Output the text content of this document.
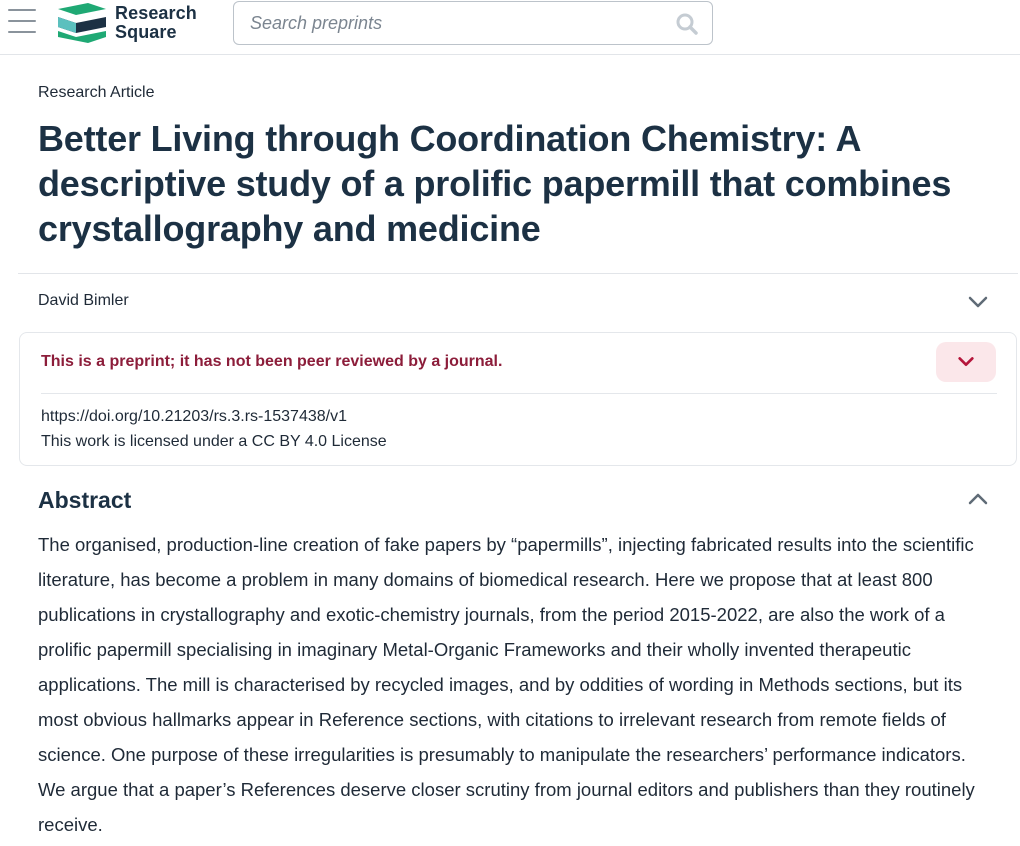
Research
Square
Search preprints
Research Article
Better Living through Coordination Chemistry: A descriptive study of a prolific papermill that combines crystallography and medicine
David Bimler
This is a preprint; it has not been peer reviewed by a journal.
https://doi.org/10.21203/rs.3.rs-1537438/v1
This work is licensed under a CC BY 4.0 License
Abstract

The organised, production-line creation of fake papers by “papermills”, injecting fabricated results into the scientific literature, has become a problem in many domains of biomedical research. Here we propose that at least 800 publications in crystallography and exotic-chemistry journals, from the period 2015-2022, are also the work of a prolific papermill specialising in imaginary Metal-Organic Frameworks and their wholly invented therapeutic applications. The mill is characterised by recycled images, and by oddities of wording in Methods sections, but its most obvious hallmarks appear in Reference sections, with citations to irrelevant research from remote fields of science. One purpose of these irregularities is presumably to manipulate the researchers’ performance indicators. We argue that a paper’s References deserve closer scrutiny from journal editors and publishers than they routinely receive.
